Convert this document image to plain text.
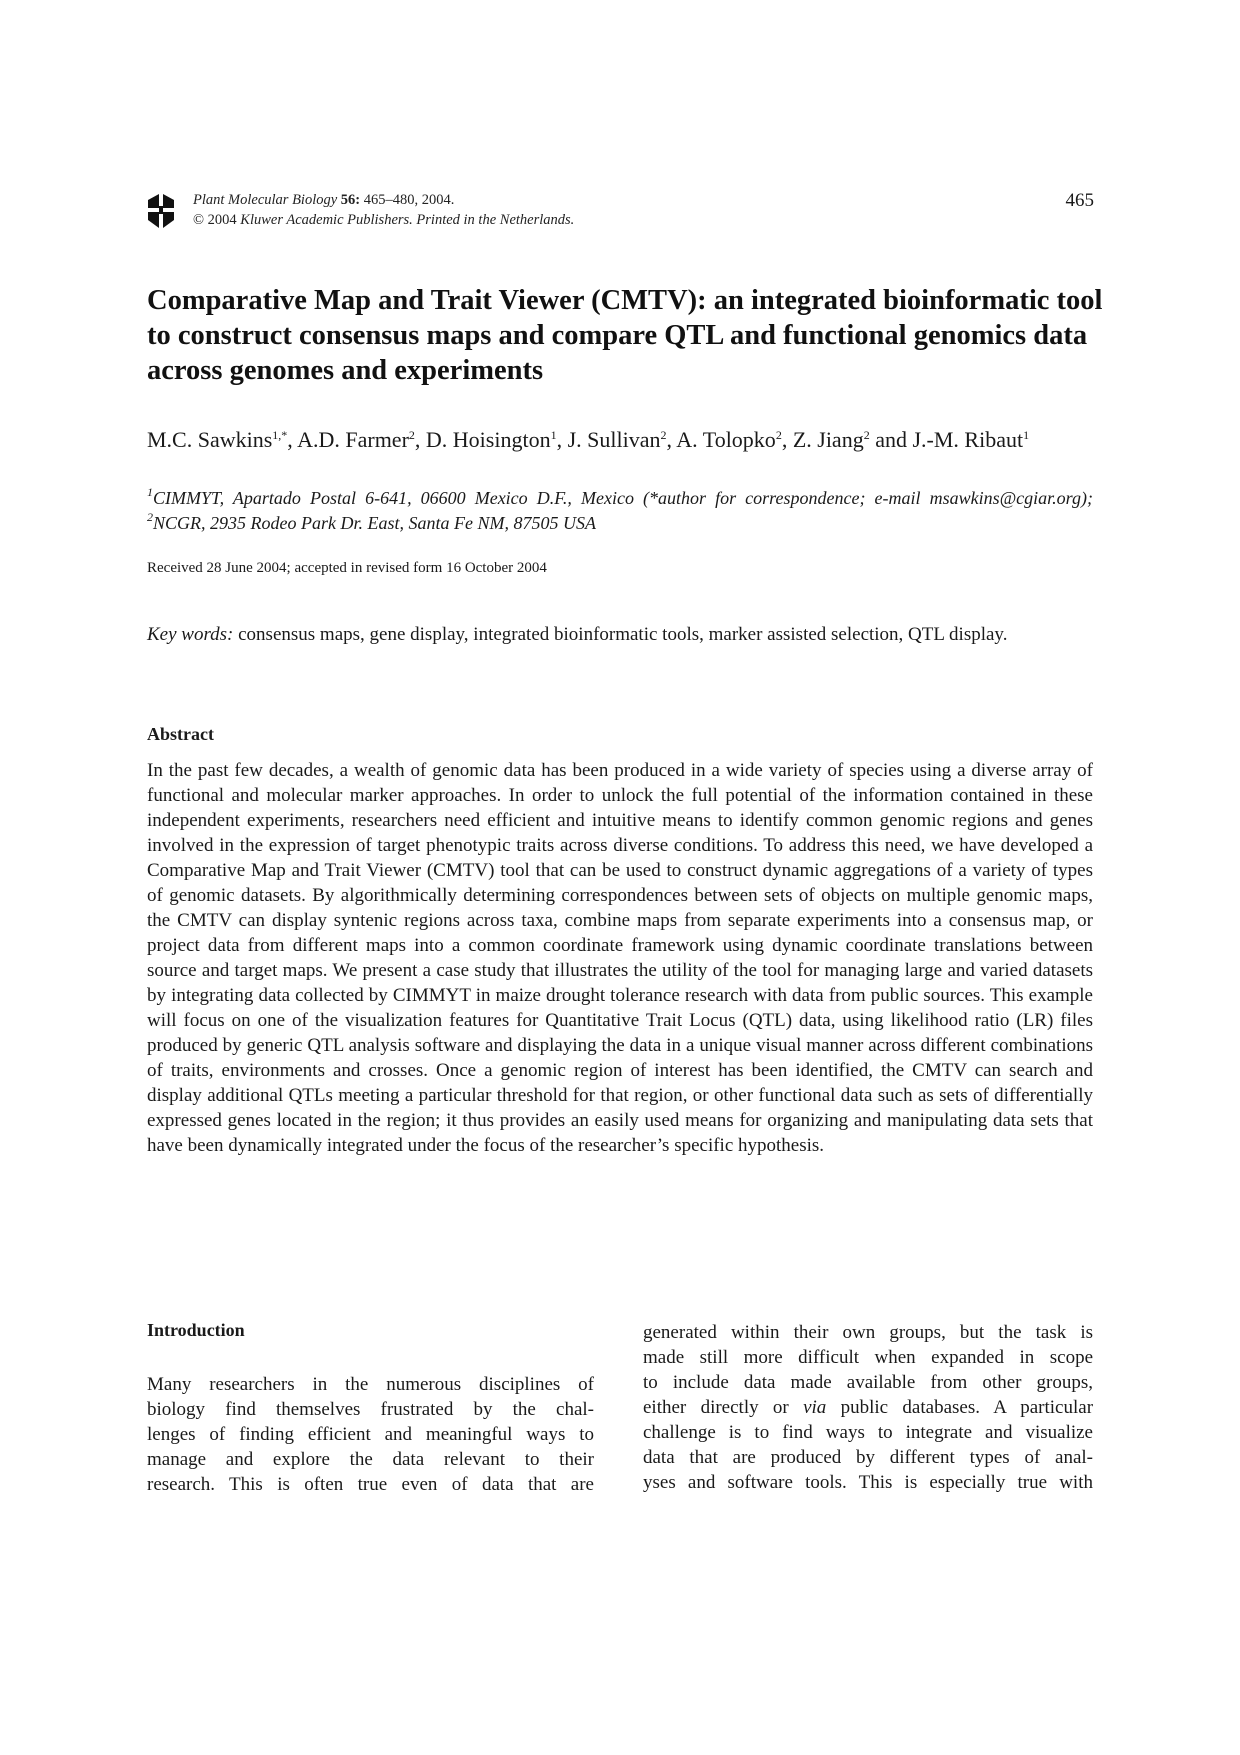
Plant Molecular Biology 56: 465–480, 2004.
© 2004 Kluwer Academic Publishers. Printed in the Netherlands.
465
Comparative Map and Trait Viewer (CMTV): an integrated bioinformatic tool to construct consensus maps and compare QTL and functional genomics data across genomes and experiments
M.C. Sawkins$^{1,*}$, A.D. Farmer$^2$, D. Hoisington$^1$, J. Sullivan$^2$, A. Tolopko$^2$, Z. Jiang$^2$ and J.-M. Ribaut$^1$
$^1$CIMMYT, Apartado Postal 6-641, 06600 Mexico D.F., Mexico (*author for correspondence; e-mail msawkins@cgiar.org); $^2$NCGR, 2935 Rodeo Park Dr. East, Santa Fe NM, 87505 USA
Received 28 June 2004; accepted in revised form 16 October 2004
Key words: consensus maps, gene display, integrated bioinformatic tools, marker assisted selection, QTL display.
Abstract
In the past few decades, a wealth of genomic data has been produced in a wide variety of species using a diverse array of functional and molecular marker approaches. In order to unlock the full potential of the information contained in these independent experiments, researchers need efficient and intuitive means to identify common genomic regions and genes involved in the expression of target phenotypic traits across diverse conditions. To address this need, we have developed a Comparative Map and Trait Viewer (CMTV) tool that can be used to construct dynamic aggregations of a variety of types of genomic datasets. By algorithmically determining correspondences between sets of objects on multiple genomic maps, the CMTV can display syntenic regions across taxa, combine maps from separate experiments into a consensus map, or project data from different maps into a common coordinate framework using dynamic coordinate translations between source and target maps. We present a case study that illustrates the utility of the tool for managing large and varied datasets by integrating data collected by CIMMYT in maize drought tolerance research with data from public sources. This example will focus on one of the visualization features for Quantitative Trait Locus (QTL) data, using likelihood ratio (LR) files produced by generic QTL analysis software and displaying the data in a unique visual manner across different combinations of traits, environments and crosses. Once a genomic region of interest has been identified, the CMTV can search and display additional QTLs meeting a particular threshold for that region, or other functional data such as sets of differentially expressed genes located in the region; it thus provides an easily used means for organizing and manipulating data sets that have been dynamically integrated under the focus of the researcher’s specific hypothesis.
Introduction
Many researchers in the numerous disciplines of
biology find themselves frustrated by the chal-
lenges of finding efficient and meaningful ways to
manage and explore the data relevant to their
research. This is often true even of data that are
generated within their own groups, but the task is
made still more difficult when expanded in scope
to include data made available from other groups,
either directly or via public databases. A particular
challenge is to find ways to integrate and visualize
data that are produced by different types of anal-
yses and software tools. This is especially true with
